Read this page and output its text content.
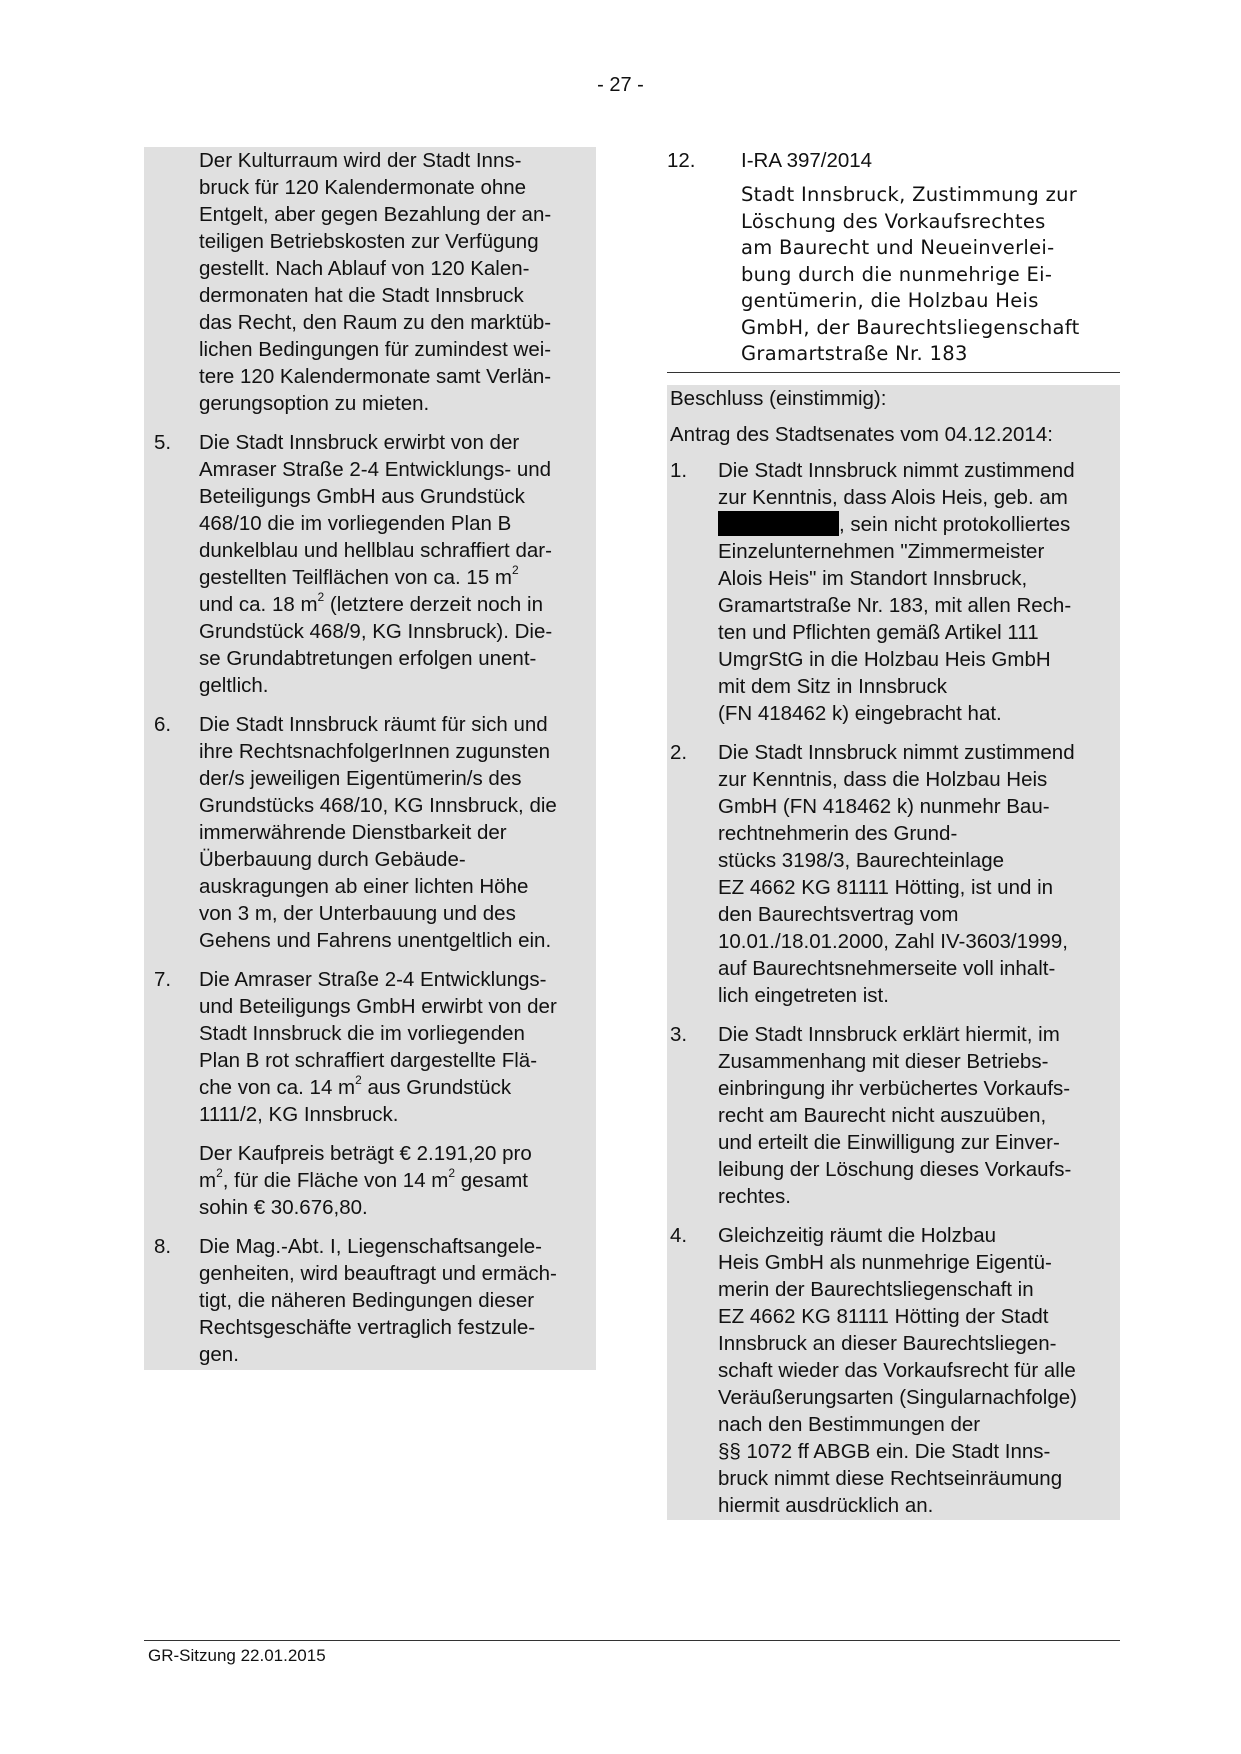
- 27 -
Der Kulturraum wird der Stadt Inns-
bruck für 120 Kalendermonate ohne
Entgelt, aber gegen Bezahlung der an-
teiligen Betriebskosten zur Verfügung
gestellt. Nach Ablauf von 120 Kalen-
dermonaten hat die Stadt Innsbruck
das Recht, den Raum zu den marktüb-
lichen Bedingungen für zumindest wei-
tere 120 Kalendermonate samt Verlän-
gerungsoption zu mieten.
5.	Die Stadt Innsbruck erwirbt von der
Amraser Straße 2-4 Entwicklungs- und
Beteiligungs GmbH aus Grundstück
468/10 die im vorliegenden Plan B
dunkelblau und hellblau schraffiert dar-
gestellten Teilflächen von ca. 15 $m^2$
und ca. 18 $m^2$ (letztere derzeit noch in
Grundstück 468/9, KG Innsbruck). Die-
se Grundabtretungen erfolgen unent-
geltlich.
6.	Die Stadt Innsbruck räumt für sich und
ihre RechtsnachfolgerInnen zugunsten
der/s jeweiligen Eigentümerin/s des
Grundstücks 468/10, KG Innsbruck, die
immerwährende Dienstbarkeit der
Überbauung durch Gebäude-
auskragungen ab einer lichten Höhe
von 3 m, der Unterbauung und des
Gehens und Fahrens unentgeltlich ein.
7.	Die Amraser Straße 2-4 Entwicklungs-
und Beteiligungs GmbH erwirbt von der
Stadt Innsbruck die im vorliegenden
Plan B rot schraffiert dargestellte Flä-
che von ca. 14 $m^2$ aus Grundstück
1111/2, KG Innsbruck.
Der Kaufpreis beträgt € 2.191,20 pro
$m^2$, für die Fläche von 14 $m^2$ gesamt
sohin € 30.676,80.
8.	Die Mag.-Abt. I, Liegenschaftsangele-
genheiten, wird beauftragt und ermäch-
tigt, die näheren Bedingungen dieser
Rechtsgeschäfte vertraglich festzule-
gen.
12.	I-RA 397/2014
Stadt Innsbruck, Zustimmung zur
Löschung des Vorkaufsrechtes
am Baurecht und Neueinverlei-
bung durch die nunmehrige Ei-
gentümerin, die Holzbau Heis
GmbH, der Baurechtsliegenschaft
Gramartstraße Nr. 183
Beschluss (einstimmig):
Antrag des Stadtsenates vom 04.12.2014:
1.	Die Stadt Innsbruck nimmt zustimmend
zur Kenntnis, dass Alois Heis, geb. am
, sein nicht protokolliertes
Einzelunternehmen "Zimmermeister
Alois Heis" im Standort Innsbruck,
Gramartstraße Nr. 183, mit allen Rech-
ten und Pflichten gemäß Artikel 111
UmgrStG in die Holzbau Heis GmbH
mit dem Sitz in Innsbruck
(FN 418462 k) eingebracht hat.
2.	Die Stadt Innsbruck nimmt zustimmend
zur Kenntnis, dass die Holzbau Heis
GmbH (FN 418462 k) nunmehr Bau-
rechtnehmerin des Grund-
stücks 3198/3, Baurechteinlage
EZ 4662 KG 81111 Hötting, ist und in
den Baurechtsvertrag vom
10.01./18.01.2000, Zahl IV-3603/1999,
auf Baurechtsnehmerseite voll inhalt-
lich eingetreten ist.
3.	Die Stadt Innsbruck erklärt hiermit, im
Zusammenhang mit dieser Betriebs-
einbringung ihr verbüchertes Vorkaufs-
recht am Baurecht nicht auszuüben,
und erteilt die Einwilligung zur Einver-
leibung der Löschung dieses Vorkaufs-
rechtes.
4.	Gleichzeitig räumt die Holzbau
Heis GmbH als nunmehrige Eigentü-
merin der Baurechtsliegenschaft in
EZ 4662 KG 81111 Hötting der Stadt
Innsbruck an dieser Baurechtsliegen-
schaft wieder das Vorkaufsrecht für alle
Veräußerungsarten (Singularnachfolge)
nach den Bestimmungen der
§§ 1072 ff ABGB ein. Die Stadt Inns-
bruck nimmt diese Rechtseinräumung
hiermit ausdrücklich an.
GR-Sitzung 22.01.2015
